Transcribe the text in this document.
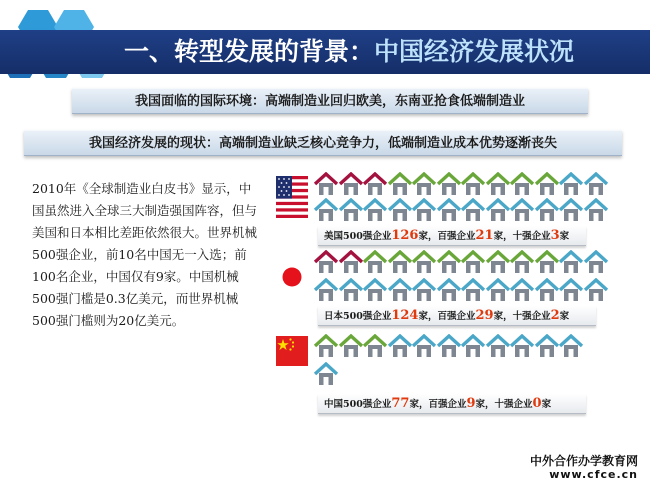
一、转型发展的背景：中国经济发展状况
我国面临的国际环境：高端制造业回归欧美，东南亚抢食低端制造业
我国经济发展的现状：高端制造业缺乏核心竞争力，低端制造业成本优势逐渐丧失
2010年《全球制造业白皮书》显示，中国虽然进入全球三大制造强国阵容，但与美国和日本相比差距依然很大。世界机械500强企业，前10名中国无一入选；前100名企业，中国仅有9家。中国机械500强门槛是0.3亿美元，而世界机械500强门槛则为20亿美元。
美国500强企业126家，百强企业21家，十强企业3家
日本500强企业124家，百强企业29家，十强企业2家
中国500强企业77家，百强企业9家，十强企业0家
中外合作办学教育网
www.cfce.cn
